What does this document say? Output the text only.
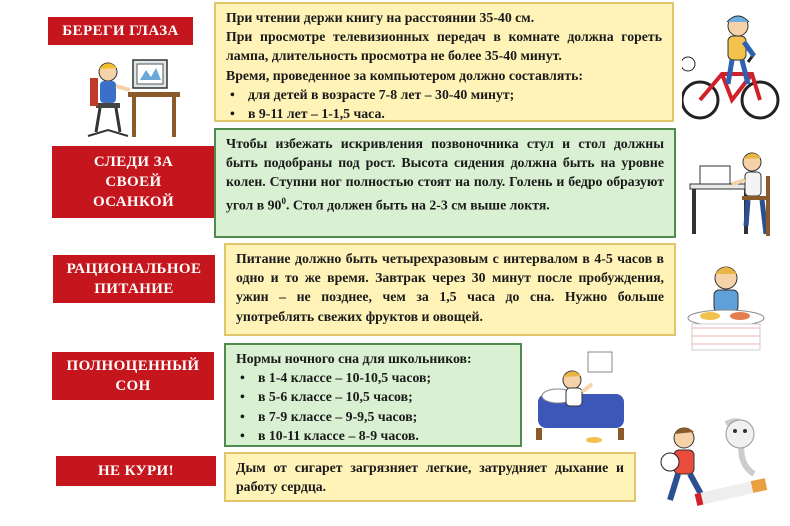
БЕРЕГИ ГЛАЗА

При чтении держи книгу на расстоянии 35-40 см.

При просмотре телевизионных передач в комнате должна гореть лампа, длительность просмотра не более 35-40 минут.

Время, проведенное за компьютером должно составлять:

• для детей в возрасте 7-8 лет – 30-40 минут;
• в 9-11 лет – 1-1,5 часа.
СЛЕДИ ЗА
СВОЕЙ
ОСАНКОЙ

Чтобы избежать искривления позвоночника стул и стол должны быть подобраны под рост. Высота сидения должна быть на уровне колен. Ступни ног полностью стоят на полу. Голень и бедро образуют угол в $90^0$. Стол должен быть на 2-3 см выше локтя.

РАЦИОНАЛЬНОЕ
ПИТАНИЕ

Питание должно быть четырехразовым с интервалом в 4-5 часов в одно и то же время. Завтрак через 30 минут после пробуждения, ужин – не позднее, чем за 1,5 часа до сна. Нужно больше употреблять свежих фруктов и овощей.

ПОЛНОЦЕННЫЙ
СОН

Нормы ночного сна для школьников:

• в 1-4 классе – 10-10,5 часов;
• в 5-6 классе – 10,5 часов;
• в 7-9 классе – 9-9,5 часов;
• в 10-11 классе – 8-9 часов.
НЕ КУРИ!	Дым от сигарет загрязняет легкие, затрудняет дыхание и работу сердца.
